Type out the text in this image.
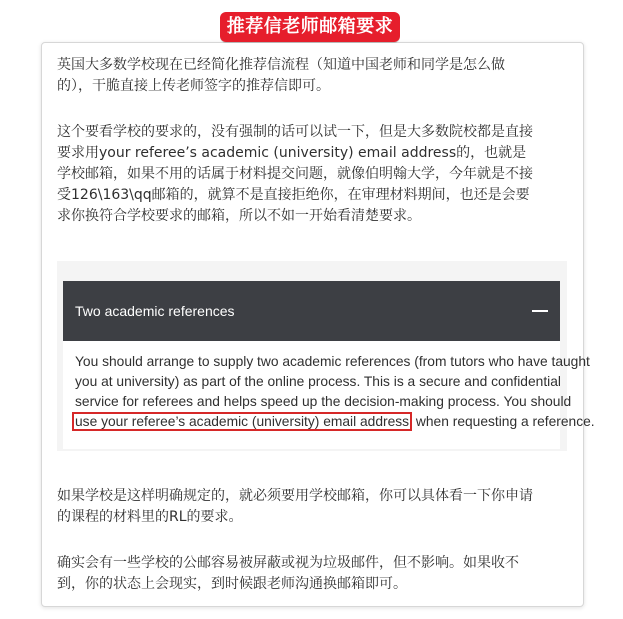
推荐信老师邮箱要求
英国大多数学校现在已经简化推荐信流程（知道中国老师和同学是怎么做
的），干脆直接上传老师签字的推荐信即可。
这个要看学校的要求的，没有强制的话可以试一下，但是大多数院校都是直接
要求用your referee’s academic (university) email address的，也就是
学校邮箱，如果不用的话属于材料提交问题，就像伯明翰大学，今年就是不接
受126\163\qq邮箱的，就算不是直接拒绝你，在审理材料期间，也还是会要
求你换符合学校要求的邮箱，所以不如一开始看清楚要求。
Two academic references
You should arrange to supply two academic references (from tutors who have taught
you at university) as part of the online process. This is a secure and confidential
service for referees and helps speed up the decision-making process. You should
use your referee’s academic (university) email address when requesting a reference.
如果学校是这样明确规定的，就必须要用学校邮箱，你可以具体看一下你申请
的课程的材料里的RL的要求。
确实会有一些学校的公邮容易被屏蔽或视为垃圾邮件，但不影响。如果收不
到，你的状态上会现实，到时候跟老师沟通换邮箱即可。
